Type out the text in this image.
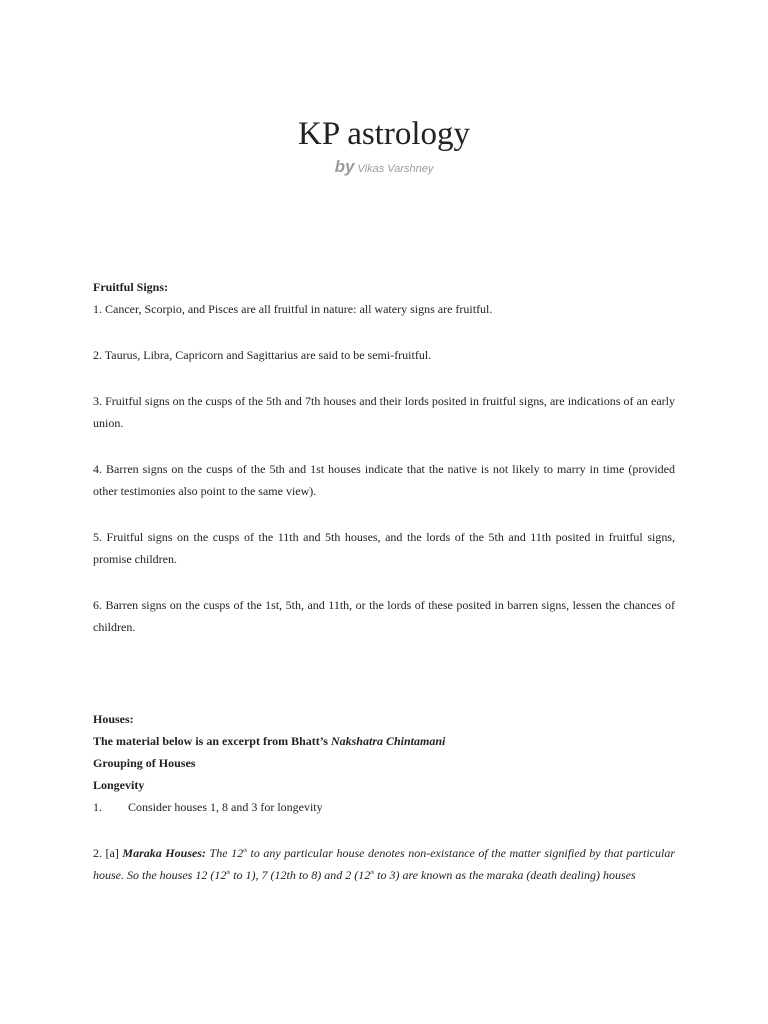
KP astrology
by Vikas Varshney

Fruitful Signs:

1. Cancer, Scorpio, and Pisces are all fruitful in nature: all watery signs are fruitful.

2. Taurus, Libra, Capricorn and Sagittarius are said to be semi-fruitful.

3. Fruitful signs on the cusps of the 5th and 7th houses and their lords posited in fruitful signs, are indications of an early union.

4. Barren signs on the cusps of the 5th and 1st houses indicate that the native is not likely to marry in time (provided other testimonies also point to the same view).

5. Fruitful signs on the cusps of the 11th and 5th houses, and the lords of the 5th and 11th posited in fruitful signs, promise children.

6. Barren signs on the cusps of the 1st, 5th, and 11th, or the lords of these posited in barren signs, lessen the chances of children.

Houses:

The material below is an excerpt from Bhatt’s Nakshatra Chintamani

Grouping of Houses

Longevity

1.	Consider houses 1, 8 and 3 for longevity

2. [a] Maraka Houses: The 12th to any particular house denotes non-existance of the matter signified by that particular house. So the houses 12 (12th to 1), 7 (12th to 8) and 2 (12th to 3) are known as the maraka (death dealing) houses
